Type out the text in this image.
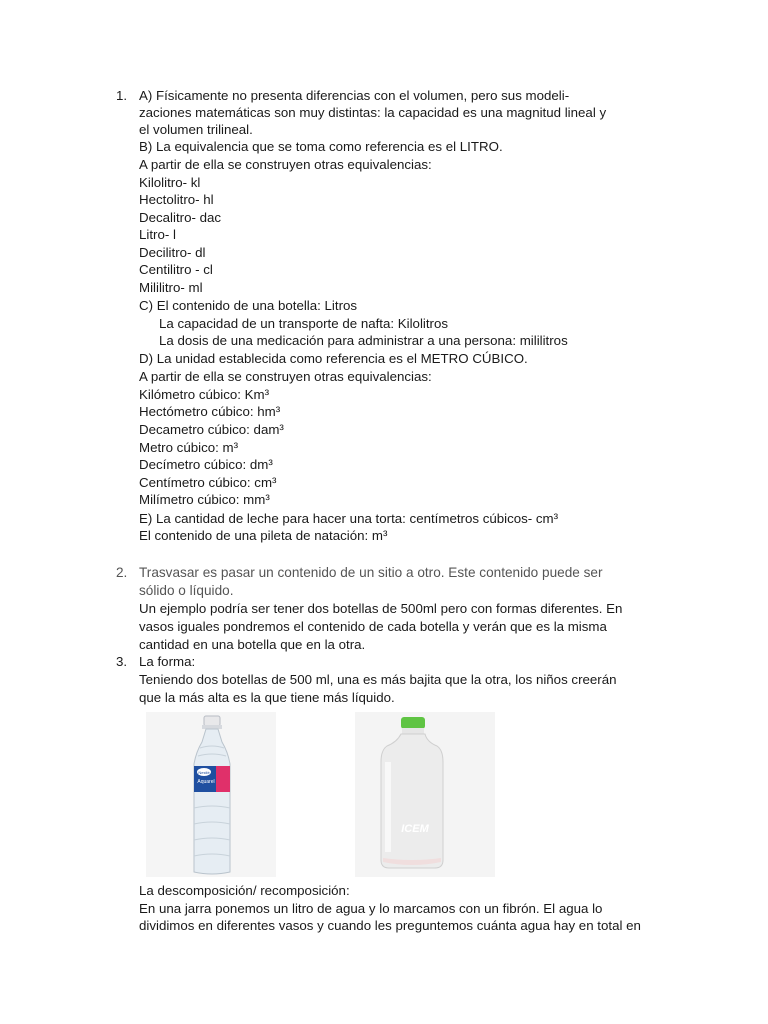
1. A) Físicamente no presenta diferencias con el volumen, pero sus modeli-
zaciones matemáticas son muy distintas: la capacidad es una magnitud lineal y
el volumen trilineal.
B) La equivalencia que se toma como referencia es el LITRO.
A partir de ella se construyen otras equivalencias:
Kilolitro- kl
Hectolitro- hl
Decalitro- dac
Litro- l
Decilitro- dl
Centilitro - cl
Mililitro- ml
C) El contenido de una botella: Litros
La capacidad de un transporte de nafta: Kilolitros
La dosis de una medicación para administrar a una persona: mililitros
D) La unidad establecida como referencia es el METRO CÚBICO.
A partir de ella se construyen otras equivalencias:
Kilómetro cúbico: Km³
Hectómetro cúbico: hm³
Decametro cúbico: dam³
Metro cúbico: m³
Decímetro cúbico: dm³
Centímetro cúbico: cm³
Milímetro cúbico: mm³
E) La cantidad de leche para hacer una torta: centímetros cúbicos- cm³
El contenido de una pileta de natación: m³
2. Trasvasar es pasar un contenido de un sitio a otro. Este contenido puede ser
sólido o líquido.
Un ejemplo podría ser tener dos botellas de 500ml pero con formas diferentes. En
vasos iguales pondremos el contenido de cada botella y verán que es la misma
cantidad en una botella que en la otra.
3. La forma:
Teniendo dos botellas de 500 ml, una es más bajita que la otra, los niños creerán
que la más alta es la que tiene más líquido.
Nestlé
Aquarel
ICEM
La descomposición/ recomposición:
En una jarra ponemos un litro de agua y lo marcamos con un fibrón. El agua lo
dividimos en diferentes vasos y cuando les preguntemos cuánta agua hay en total en
